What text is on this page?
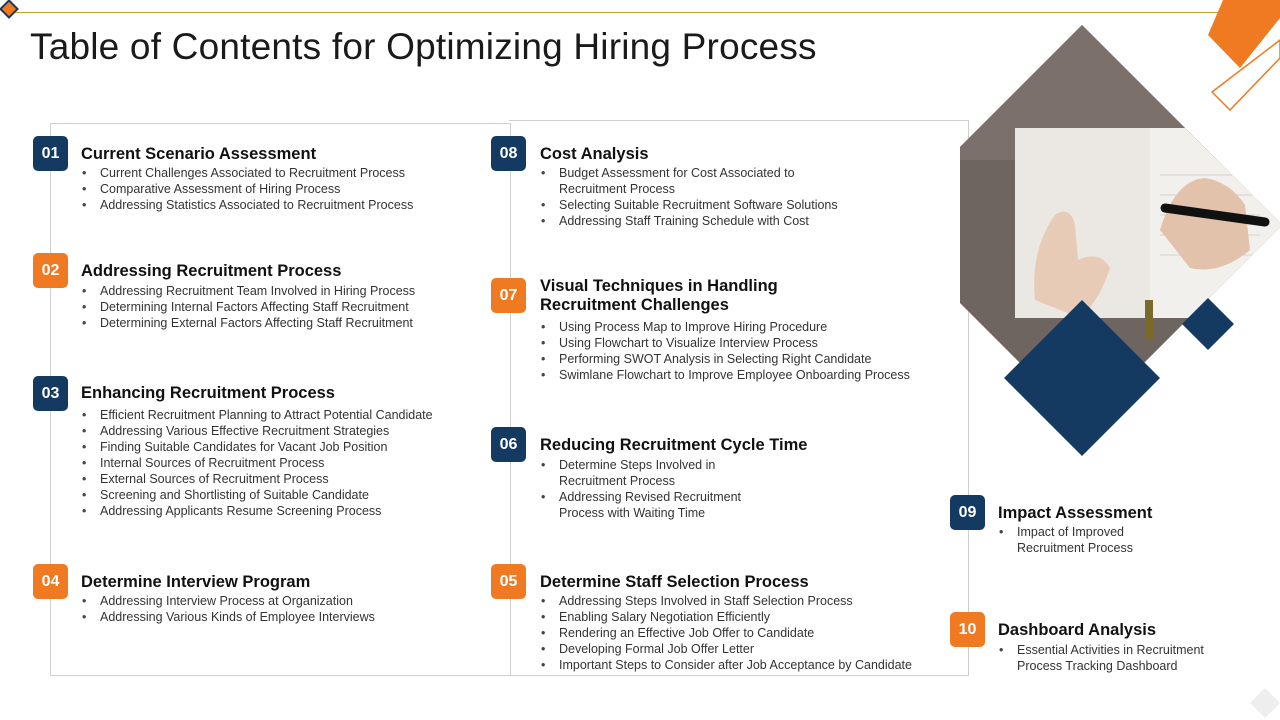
Table of Contents for Optimizing Hiring Process
01	Current Scenario Assessment
• Current Challenges Associated to Recruitment Process
• Comparative Assessment of Hiring Process
• Addressing Statistics Associated to Recruitment Process
02	Addressing Recruitment Process
• Addressing Recruitment Team Involved in Hiring Process
• Determining Internal Factors Affecting Staff Recruitment
• Determining External Factors Affecting Staff Recruitment
03	Enhancing Recruitment Process
• Efficient Recruitment Planning to Attract Potential Candidate
• Addressing Various Effective Recruitment Strategies
• Finding Suitable Candidates for Vacant Job Position
• Internal Sources of Recruitment Process
• External Sources of Recruitment Process
• Screening and Shortlisting of Suitable Candidate
• Addressing Applicants Resume Screening Process
04	Determine Interview Program
• Addressing Interview Process at Organization
• Addressing Various Kinds of Employee Interviews
08	Cost Analysis
• Budget Assessment for Cost Associated to
Recruitment Process
• Selecting Suitable Recruitment Software Solutions
• Addressing Staff Training Schedule with Cost
07	Visual Techniques in Handling
Recruitment Challenges
• Using Process Map to Improve Hiring Procedure
• Using Flowchart to Visualize Interview Process
• Performing SWOT Analysis in Selecting Right Candidate
• Swimlane Flowchart to Improve Employee Onboarding Process
06	Reducing Recruitment Cycle Time
• Determine Steps Involved in
Recruitment Process
• Addressing Revised Recruitment
Process with Waiting Time
05	Determine Staff Selection Process
• Addressing Steps Involved in Staff Selection Process
• Enabling Salary Negotiation Efficiently
• Rendering an Effective Job Offer to Candidate
• Developing Formal Job Offer Letter
• Important Steps to Consider after Job Acceptance by Candidate
09	Impact Assessment
• Impact of Improved
Recruitment Process
10	Dashboard Analysis
• Essential Activities in Recruitment
Process Tracking Dashboard
